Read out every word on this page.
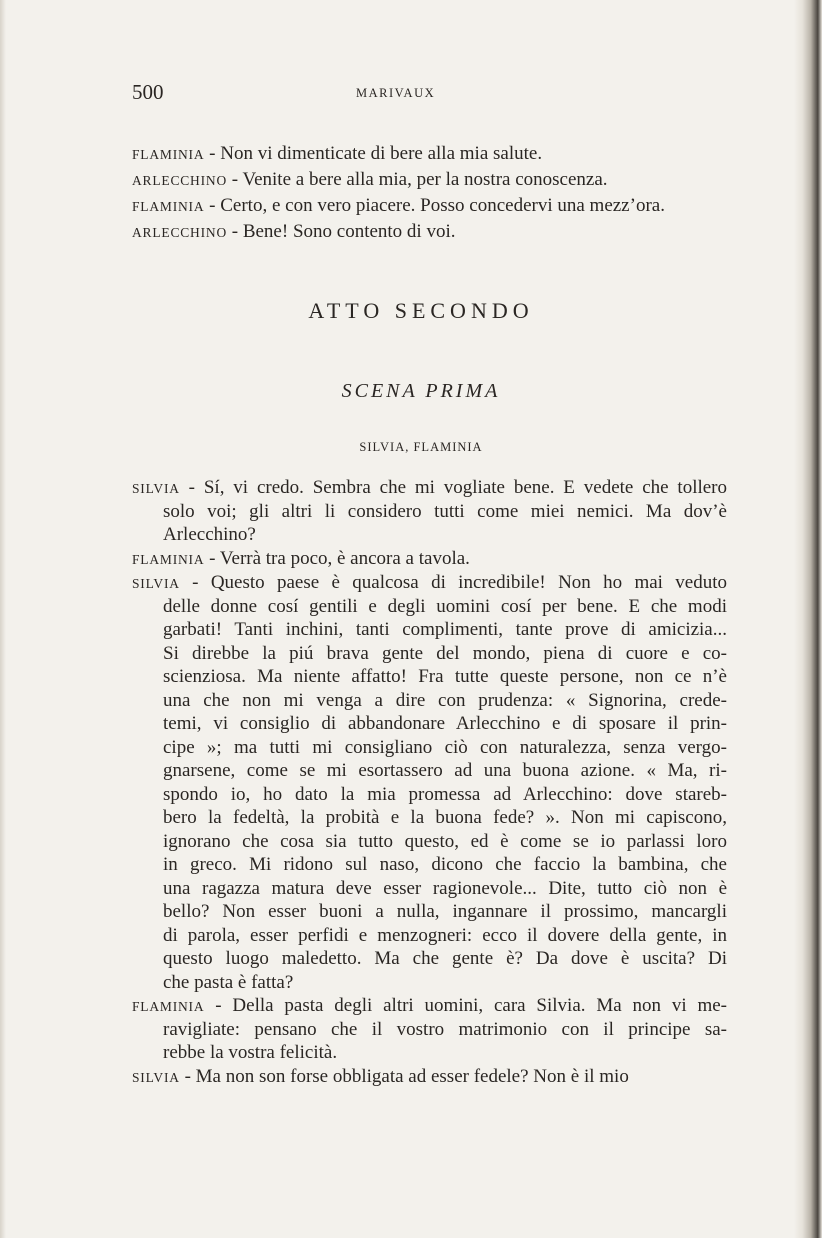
500	MARIVAUX
FLAMINIA - Non vi dimenticate di bere alla mia salute.
ARLECCHINO - Venite a bere alla mia, per la nostra conoscenza.
FLAMINIA - Certo, e con vero piacere. Posso concedervi una mezz’ora.
ARLECCHINO - Bene! Sono contento di voi.
ATTO SECONDO
SCENA PRIMA
SILVIA, FLAMINIA
SILVIA - Sí, vi credo. Sembra che mi vogliate bene. E vedete che tollero
solo voi; gli altri li considero tutti come miei nemici. Ma dov’è
Arlecchino?
FLAMINIA - Verrà tra poco, è ancora a tavola.
SILVIA - Questo paese è qualcosa di incredibile! Non ho mai veduto
delle donne cosí gentili e degli uomini cosí per bene. E che modi
garbati! Tanti inchini, tanti complimenti, tante prove di amicizia...
Si direbbe la piú brava gente del mondo, piena di cuore e co-
scienziosa. Ma niente affatto! Fra tutte queste persone, non ce n’è
una che non mi venga a dire con prudenza: « Signorina, crede-
temi, vi consiglio di abbandonare Arlecchino e di sposare il prin-
cipe »; ma tutti mi consigliano ciò con naturalezza, senza vergo-
gnarsene, come se mi esortassero ad una buona azione. « Ma, ri-
spondo io, ho dato la mia promessa ad Arlecchino: dove stareb-
bero la fedeltà, la probità e la buona fede? ». Non mi capiscono,
ignorano che cosa sia tutto questo, ed è come se io parlassi loro
in greco. Mi ridono sul naso, dicono che faccio la bambina, che
una ragazza matura deve esser ragionevole... Dite, tutto ciò non è
bello? Non esser buoni a nulla, ingannare il prossimo, mancargli
di parola, esser perfidi e menzogneri: ecco il dovere della gente, in
questo luogo maledetto. Ma che gente è? Da dove è uscita? Di
che pasta è fatta?
FLAMINIA - Della pasta degli altri uomini, cara Silvia. Ma non vi me-
ravigliate: pensano che il vostro matrimonio con il principe sa-
rebbe la vostra felicità.
SILVIA - Ma non son forse obbligata ad esser fedele? Non è il mio
